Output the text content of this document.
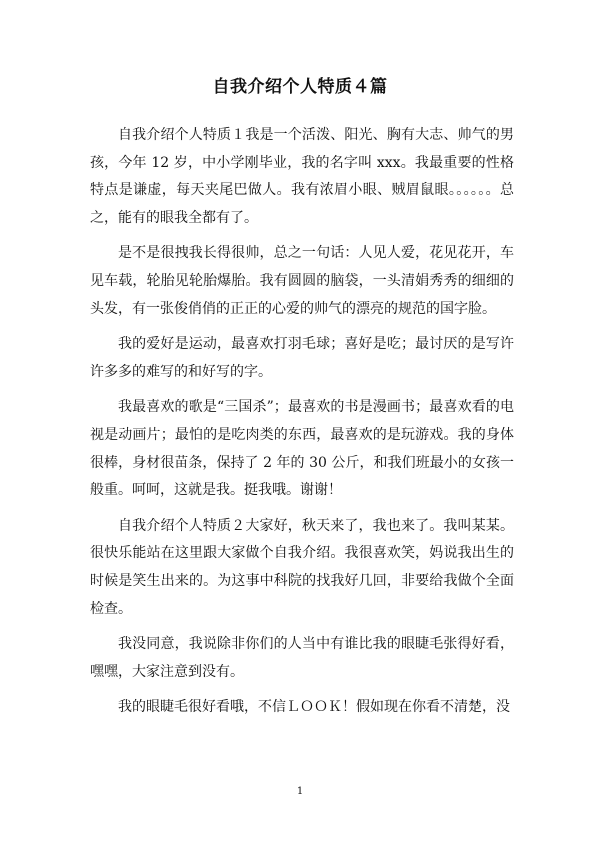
自我介绍个人特质４篇

自我介绍个人特质１我是一个活泼、阳光、胸有大志、帅气的男孩，今年 12 岁，中小学刚毕业，我的名字叫 xxx。我最重要的性格特点是谦虚，每天夹尾巴做人。我有浓眉小眼、贼眉鼠眼。。。。。。总之，能有的眼我全都有了。

是不是很拽我长得很帅，总之一句话：人见人爱，花见花开，车见车载，轮胎见轮胎爆胎。我有圆圆的脑袋，一头清娟秀秀的细细的头发，有一张俊俏俏的正正的心爱的帅气的漂亮的规范的国字脸。

我的爱好是运动，最喜欢打羽毛球；喜好是吃；最讨厌的是写许许多多的难写的和好写的字。

我最喜欢的歌是“三国杀”；最喜欢的书是漫画书；最喜欢看的电视是动画片；最怕的是吃肉类的东西，最喜欢的是玩游戏。我的身体很棒，身材很苗条，保持了 2 年的 30 公斤，和我们班最小的女孩一般重。呵呵，这就是我。挺我哦。谢谢！

自我介绍个人特质２大家好，秋天来了，我也来了。我叫某某。很快乐能站在这里跟大家做个自我介绍。我很喜欢笑，妈说我出生的时候是笑生出来的。为这事中科院的找我好几回，非要给我做个全面检查。

我没同意，我说除非你们的人当中有谁比我的眼睫毛张得好看，嘿嘿，大家注意到没有。

我的眼睫毛很好看哦，不信ＬＯＯＫ！假如现在你看不清楚，没

1
